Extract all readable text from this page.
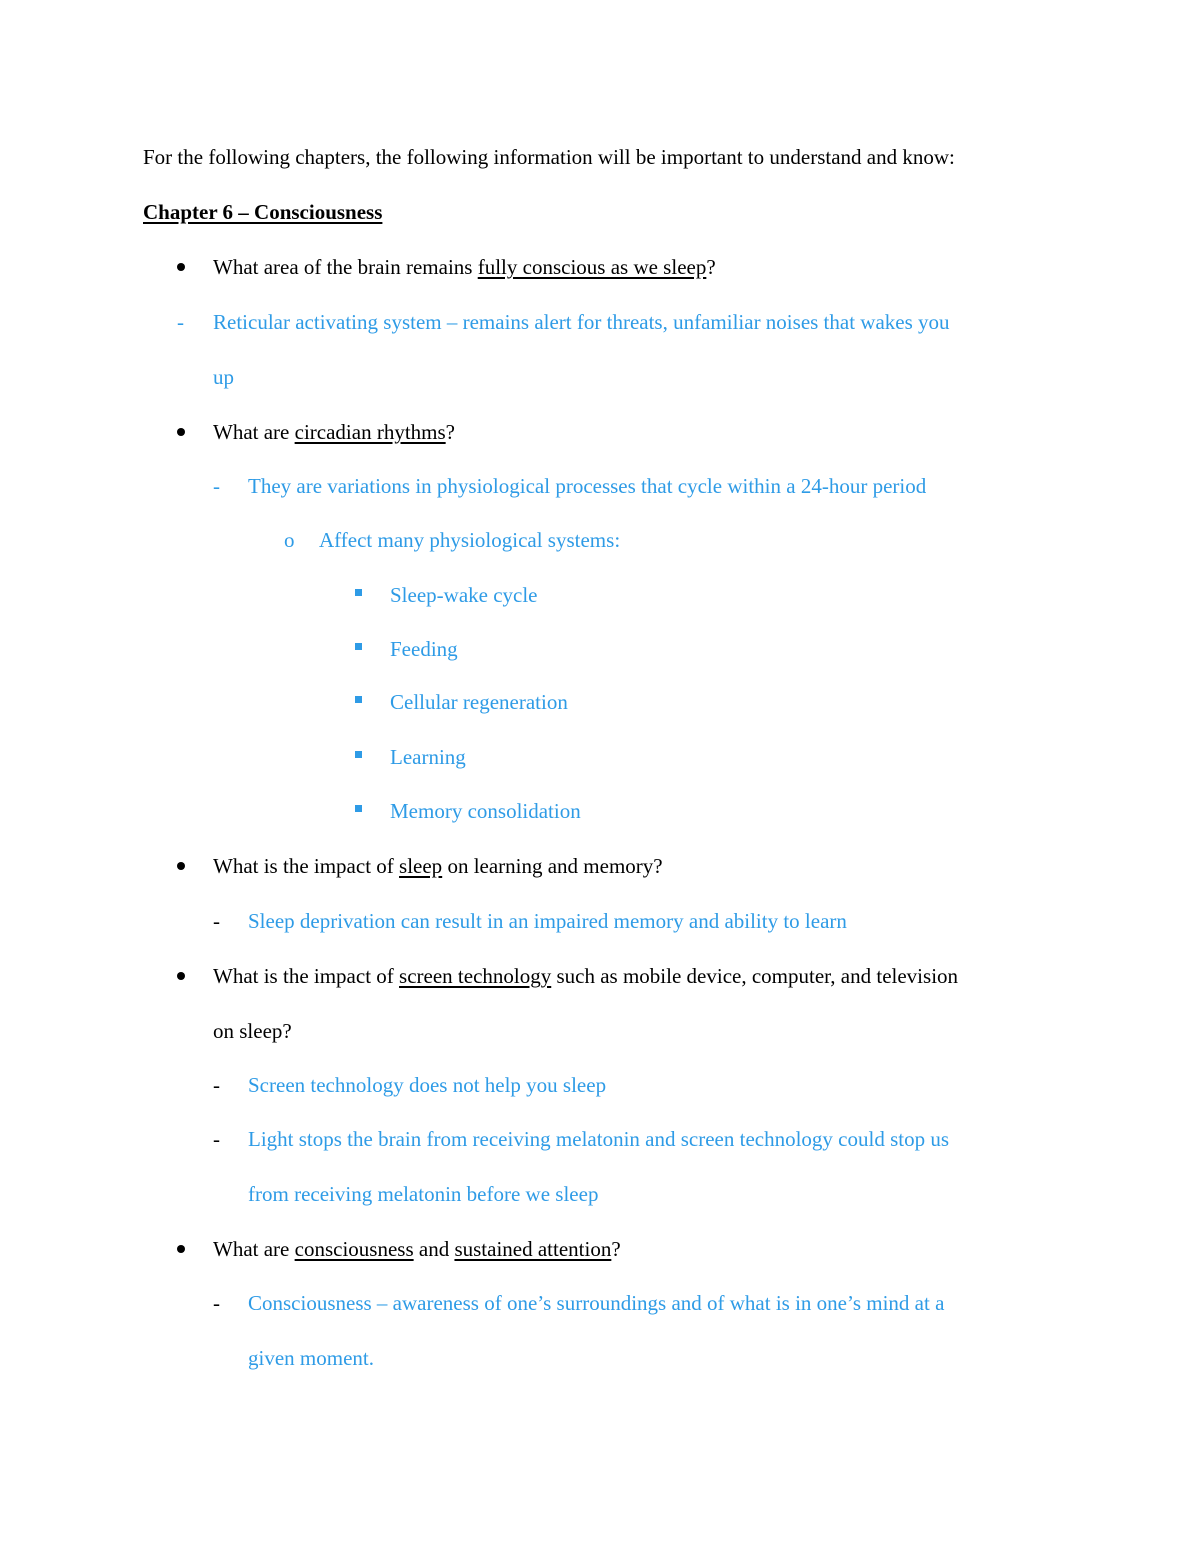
For the following chapters, the following information will be important to understand and know:
Chapter 6 – Consciousness
What area of the brain remains fully conscious as we sleep?
- Reticular activating system – remains alert for threats, unfamiliar noises that wakes you
up
What are circadian rhythms?
- They are variations in physiological processes that cycle within a 24-hour period
o Affect many physiological systems:
Sleep-wake cycle
Feeding
Cellular regeneration
Learning
Memory consolidation
What is the impact of sleep on learning and memory?
- Sleep deprivation can result in an impaired memory and ability to learn
What is the impact of screen technology such as mobile device, computer, and television
on sleep?
- Screen technology does not help you sleep
- Light stops the brain from receiving melatonin and screen technology could stop us
from receiving melatonin before we sleep
What are consciousness and sustained attention?
- Consciousness – awareness of one’s surroundings and of what is in one’s mind at a
given moment.
